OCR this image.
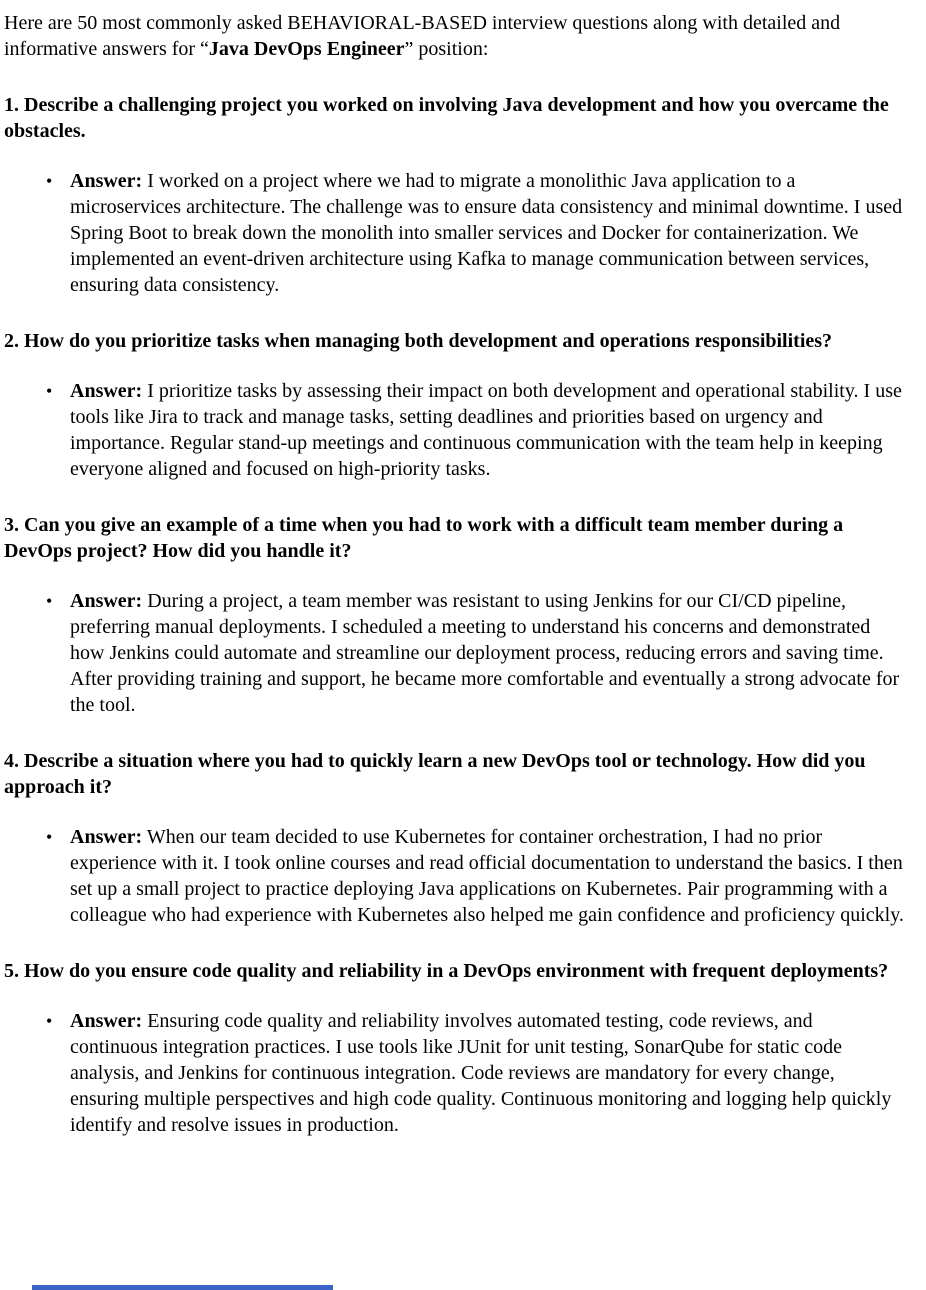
Here are 50 most commonly asked BEHAVIORAL-BASED interview questions along with detailed and informative answers for “Java DevOps Engineer” position:

1. Describe a challenging project you worked on involving Java development and how you overcame the obstacles.
• Answer: I worked on a project where we had to migrate a monolithic Java application to a microservices architecture. The challenge was to ensure data consistency and minimal downtime. I used Spring Boot to break down the monolith into smaller services and Docker for containerization. We implemented an event-driven architecture using Kafka to manage communication between services, ensuring data consistency.
2. How do you prioritize tasks when managing both development and operations responsibilities?
• Answer: I prioritize tasks by assessing their impact on both development and operational stability. I use tools like Jira to track and manage tasks, setting deadlines and priorities based on urgency and importance. Regular stand-up meetings and continuous communication with the team help in keeping everyone aligned and focused on high-priority tasks.
3. Can you give an example of a time when you had to work with a difficult team member during a DevOps project? How did you handle it?
• Answer: During a project, a team member was resistant to using Jenkins for our CI/CD pipeline, preferring manual deployments. I scheduled a meeting to understand his concerns and demonstrated how Jenkins could automate and streamline our deployment process, reducing errors and saving time. After providing training and support, he became more comfortable and eventually a strong advocate for the tool.
4. Describe a situation where you had to quickly learn a new DevOps tool or technology. How did you approach it?
• Answer: When our team decided to use Kubernetes for container orchestration, I had no prior experience with it. I took online courses and read official documentation to understand the basics. I then set up a small project to practice deploying Java applications on Kubernetes. Pair programming with a colleague who had experience with Kubernetes also helped me gain confidence and proficiency quickly.
5. How do you ensure code quality and reliability in a DevOps environment with frequent deployments?
• Answer: Ensuring code quality and reliability involves automated testing, code reviews, and continuous integration practices. I use tools like JUnit for unit testing, SonarQube for static code analysis, and Jenkins for continuous integration. Code reviews are mandatory for every change, ensuring multiple perspectives and high code quality. Continuous monitoring and logging help quickly identify and resolve issues in production.
